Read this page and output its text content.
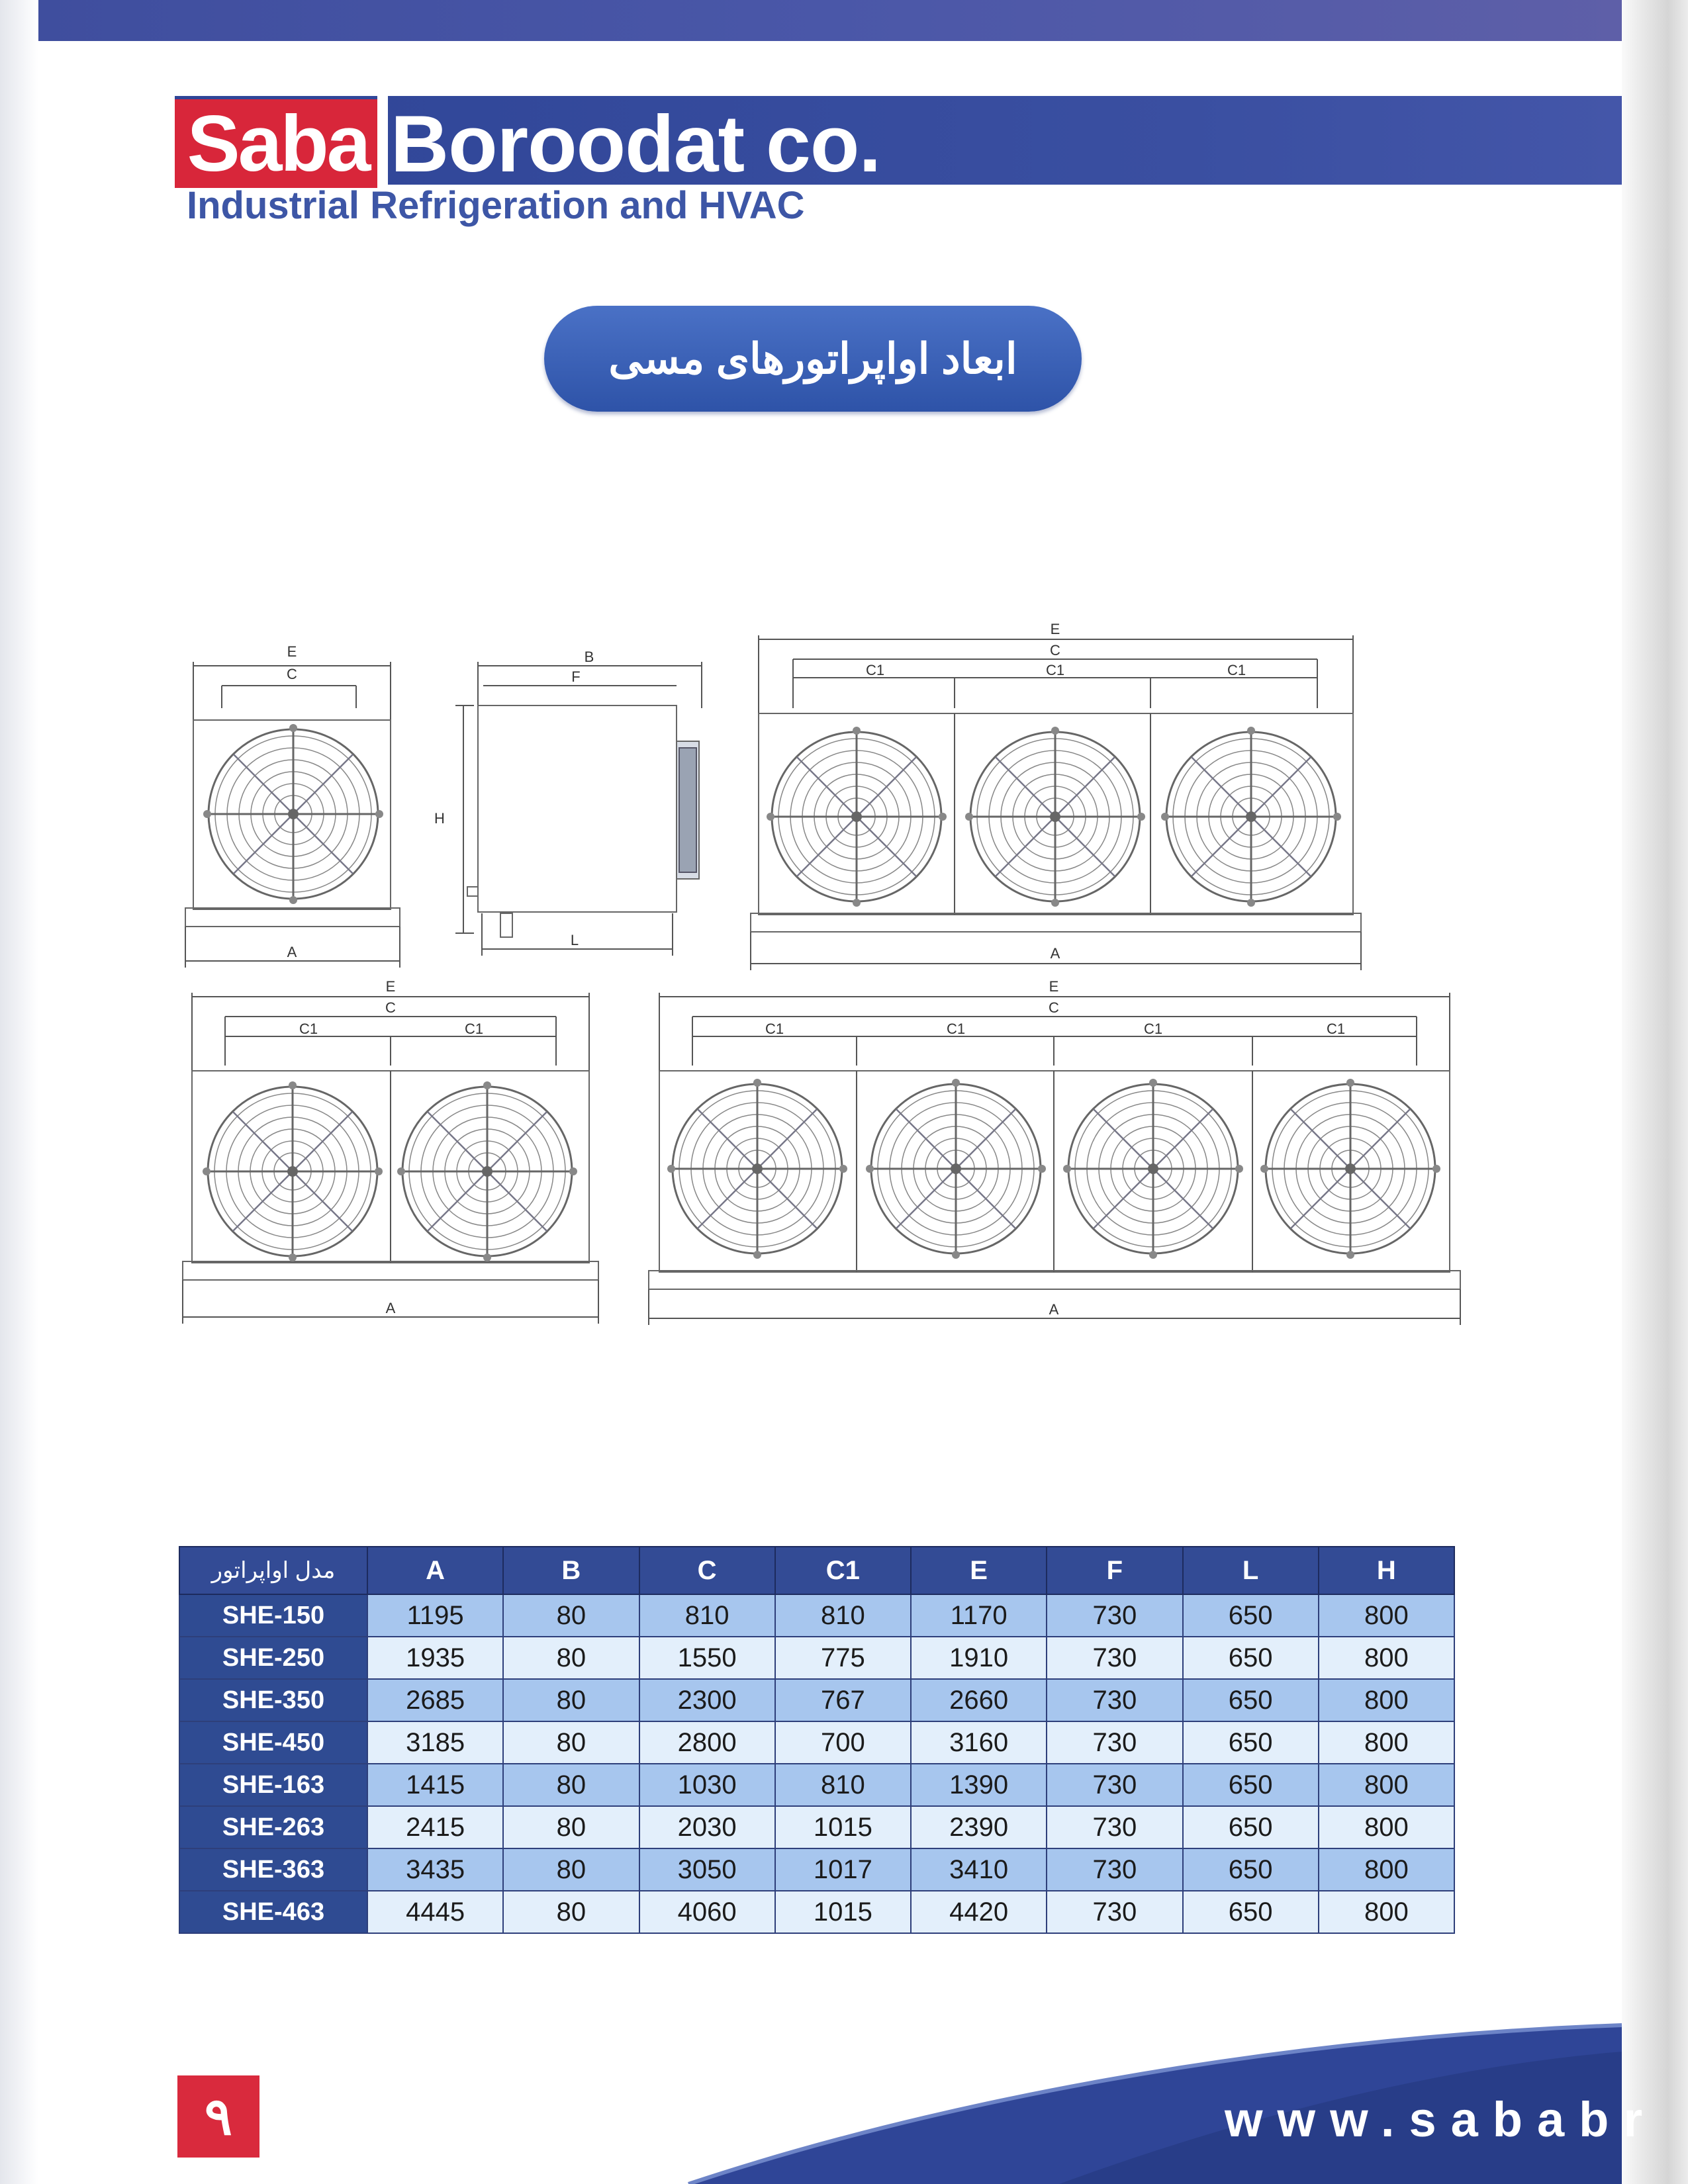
Saba Boroodat co.
Industrial Refrigeration and HVAC
ابعاد اواپراتورهای مسی
E
C
A
B
F
H
L
E
C
C1	C1	C1
A
E
C
C1	C1
A
E
C
C1	C1	C1	C1
A
مدل اواپراتور	A	B	C	C1	E	F	L	H
SHE-150	1195	80	810	810	1170	730	650	800
SHE-250	1935	80	1550	775	1910	730	650	800
SHE-350	2685	80	2300	767	2660	730	650	800
SHE-450	3185	80	2800	700	3160	730	650	800
SHE-163	1415	80	1030	810	1390	730	650	800
SHE-263	2415	80	2030	1015	2390	730	650	800
SHE-363	3435	80	3050	1017	3410	730	650	800
SHE-463	4445	80	4060	1015	4420	730	650	800
٩	www.sababr
